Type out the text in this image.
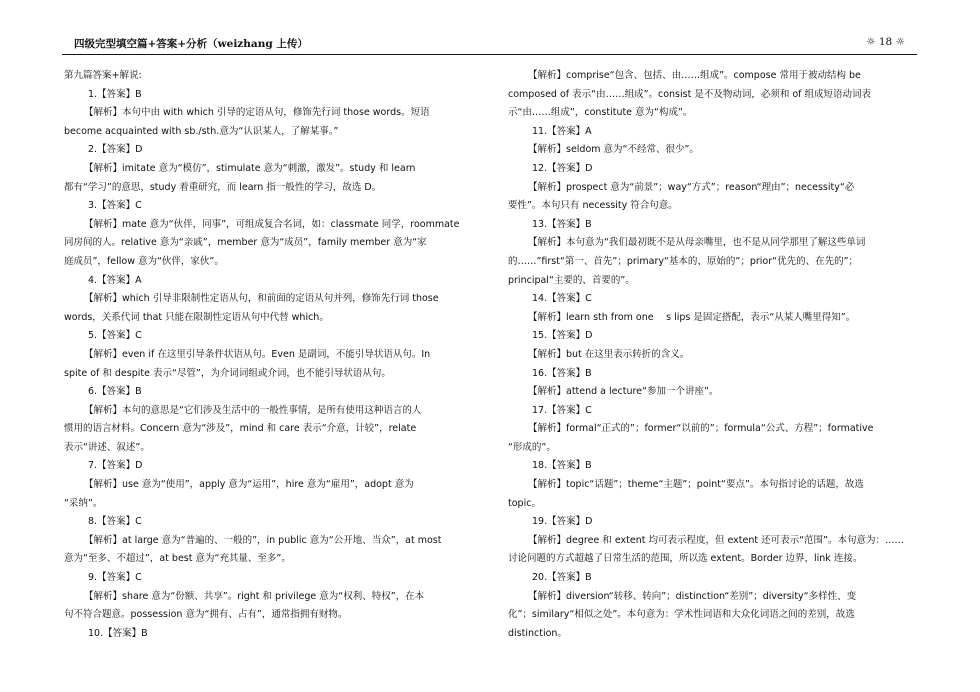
四级完型填空篇+答案+分析（weizhang 上传）	☼ 18 ☼

第九篇答案+解说:

1.【答案】B

【解析】本句中由 with which 引导的定语从句，修饰先行词 those words。短语

become acquainted with sb./sth.意为“认识某人，了解某事。”

2.【答案】D

【解析】imitate 意为“模仿”，stimulate 意为“刺激，激发”。study 和 learn

都有“学习”的意思，study 着重研究，而 learn 指一般性的学习，故选 D。

3.【答案】C

【解析】mate 意为“伙伴，同事”，可组成复合名词，如：classmate 同学，roommate

同房间的人。relative 意为“亲戚”，member 意为“成员”，family member 意为“家

庭成员”，fellow 意为“伙伴，家伙”。

4.【答案】A

【解析】which 引导非限制性定语从句，和前面的定语从句并列，修饰先行词 those

words，关系代词 that 只能在限制性定语从句中代替 which。

5.【答案】C

【解析】even if 在这里引导条件状语从句。Even 是副词，不能引导状语从句。In

spite of 和 despite 表示“尽管”，为介词词组或介词，也不能引导状语从句。

6.【答案】B

【解析】本句的意思是“它们涉及生活中的一般性事情，是所有使用这种语言的人

惯用的语言材料。Concern 意为“涉及”，mind 和 care 表示“介意，计较”，relate

表示“讲述、叙述”。

7.【答案】D

【解析】use 意为“使用”，apply 意为“运用”，hire 意为“雇用”，adopt 意为

“采纳”。

8.【答案】C

【解析】at large 意为“普遍的、一般的”，in public 意为“公开地、当众”，at most

意为“至多、不超过”，at best 意为“充其量、至多”。

9.【答案】C

【解析】share 意为“份额、共享”。right 和 privilege 意为“权利、特权”，在本

句不符合题意。possession 意为“拥有、占有”，通常指拥有财物。

10.【答案】B

【解析】comprise“包含、包括、由……组成”。compose 常用于被动结构 be

composed of 表示“由……组成”。consist 是不及物动词，必须和 of 组成短语动词表

示“由……组成”，constitute 意为“构成”。

11.【答案】A

【解析】seldom 意为“不经常、很少”。

12.【答案】D

【解析】prospect 意为“前景”；way“方式”；reason“理由”；necessity“必

要性”。本句只有 necessity 符合句意。

13.【答案】B

【解析】本句意为“我们最初既不是从母亲嘴里，也不是从同学那里了解这些单词

的……”first“第一、首先”；primary“基本的、原始的”；prior“优先的、在先的”；

principal“主要的、首要的”。

14.【答案】C

【解析】learn sth from one　 s lips 是固定搭配，表示“从某人嘴里得知”。

15.【答案】D

【解析】but 在这里表示转折的含义。

16.【答案】B

【解析】attend a lecture“参加一个讲座”。

17.【答案】C

【解析】formal“正式的”；former“以前的”；formula“公式、方程”；formative

“形成的”。

18.【答案】B

【解析】topic“话题”；theme“主题”；point“要点”。本句指讨论的话题，故选

topic。

19.【答案】D

【解析】degree 和 extent 均可表示程度，但 extent 还可表示“范围”。本句意为：……

讨论问题的方式超越了日常生活的范围，所以选 extent。Border 边界，link 连接。

20.【答案】B

【解析】diversion“转移、转向”；distinction“差别”；diversity“多样性、变

化”；similary“相似之处”。本句意为：学术性词语和大众化词语之间的差别，故选

distinction。
